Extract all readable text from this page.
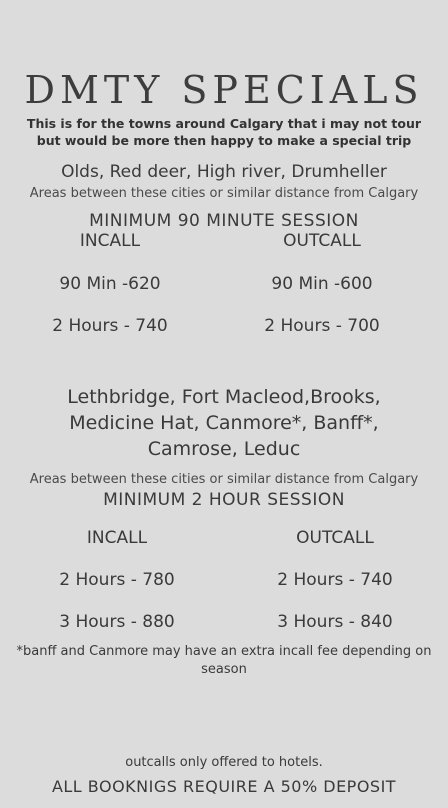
DMTY SPECIALS
This is for the towns around Calgary that i may not tour but would be more then happy to make a special trip
Olds, Red deer, High river, Drumheller
Areas between these cities or similar distance from Calgary
MINIMUM 90 MINUTE SESSION
INCALL	OUTCALL
90 Min -620	90 Min -600
2 Hours - 740	2 Hours - 700
Lethbridge, Fort Macleod,Brooks,
Medicine Hat, Canmore*, Banff*,
Camrose, Leduc
Areas between these cities or similar distance from Calgary
MINIMUM 2 HOUR SESSION
INCALL	OUTCALL
2 Hours - 780	2 Hours - 740
3 Hours - 880	3 Hours - 840
*banff and Canmore may have an extra incall fee depending on season
outcalls only offered to hotels.
ALL BOOKNIGS REQUIRE A 50% DEPOSIT
